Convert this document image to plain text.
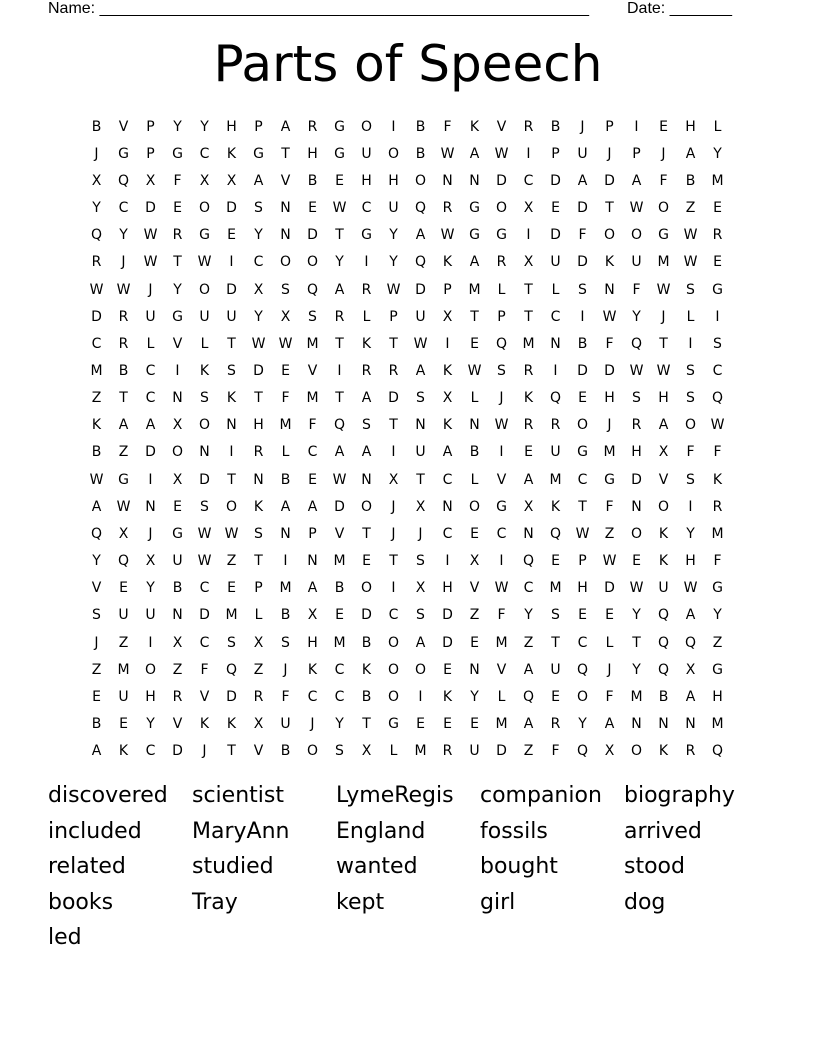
Name: _______________________________________________________ Date: _______
Parts of Speech
B	V	P	Y	Y	H	P	A	R	G	O	I	B	F	K	V	R	B	J	P	I	E	H	L
J	G	P	G	C	K	G	T	H	G	U	O	B	W	A	W	I	P	U	J	P	J	A	Y
X	Q	X	F	X	X	A	V	B	E	H	H	O	N	N	D	C	D	A	D	A	F	B	M
Y	C	D	E	O	D	S	N	E	W	C	U	Q	R	G	O	X	E	D	T	W	O	Z	E
Q	Y	W	R	G	E	Y	N	D	T	G	Y	A	W	G	G	I	D	F	O	O	G	W	R
R	J	W	T	W	I	C	O	O	Y	I	Y	Q	K	A	R	X	U	D	K	U	M	W	E
W W	J	Y	O	D	X	S	Q	A	R	W	D	P	M	L	T	L	S	N	F	W	S	G
D	R	U	G	U	U	Y	X	S	R	L	P	U	X	T	P	T	C	I	W	Y	J	L	I
C	R	L	V	L	T	W W	M	T	K	T	W	I	E	Q	M	N	B	F	Q	T	I	S
M	B	C	I	K	S	D	E	V	I	R	R	A	K	W	S	R	I	D	D	W W	S	C
Z	T	C	N	S	K	T	F	M	T	A	D	S	X	L	J	K	Q	E	H	S	H	S	Q
K	A	A	X	O	N	H	M	F	Q	S	T	N	K	N	W	R	R	O	J	R	A	O	W
B	Z	D	O	N	I	R	L	C	A	A	I	U	A	B	I	E	U	G	M	H	X	F	F
W	G	I	X	D	T	N	B	E	W	N	X	T	C	L	V	A	M	C	G	D	V	S	K
A	W	N	E	S	O	K	A	A	D	O	J	X	N	O	G	X	K	T	F	N	O	I	R
Q	X	J	G	W W	S	N	P	V	T	J	J	C	E	C	N	Q	W	Z	O	K	Y	M
Y	Q	X	U	W	Z	T	I	N	M	E	T	S	I	X	I	Q	E	P	W	E	K	H	F
V	E	Y	B	C	E	P	M	A	B	O	I	X	H	V	W	C	M	H	D	W	U	W	G
S	U	U	N	D	M	L	B	X	E	D	C	S	D	Z	F	Y	S	E	E	Y	Q	A	Y
J	Z	I	X	C	S	X	S	H	M	B	O	A	D	E	M	Z	T	C	L	T	Q	Q	Z
Z	M	O	Z	F	Q	Z	J	K	C	K	O	O	E	N	V	A	U	Q	J	Y	Q	X	G
E	U	H	R	V	D	R	F	C	C	B	O	I	K	Y	L	Q	E	O	F	M	B	A	H
B	E	Y	V	K	K	X	U	J	Y	T	G	E	E	E	M	A	R	Y	A	N	N	N	M
A	K	C	D	J	T	V	B	O	S	X	L	M	R	U	D	Z	F	Q	X	O	K	R	Q
discovered	scientist	LymeRegis	companion	biography
included	MaryAnn	England	fossils	arrived
related	studied	wanted	bought	stood
books	Tray	kept	girl	dog
led
